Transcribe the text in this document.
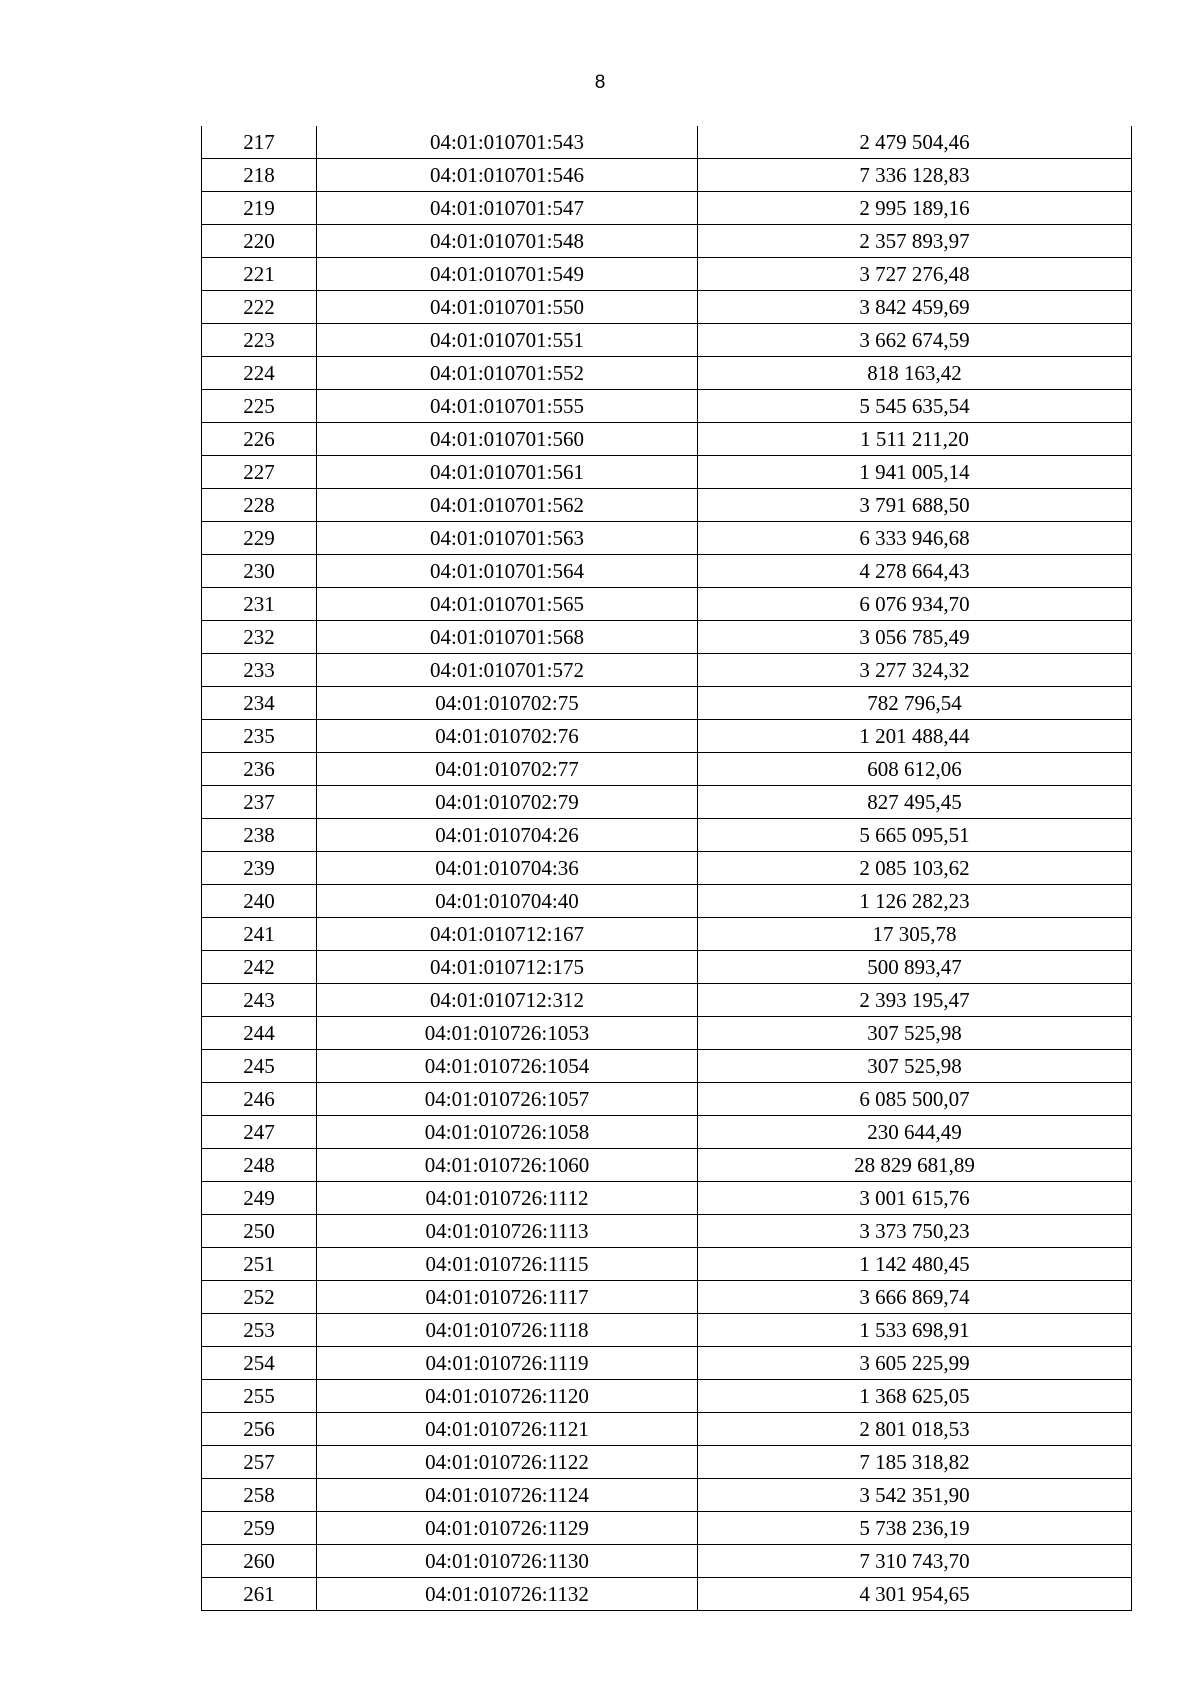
8
217	04:01:010701:543	2 479 504,46
218	04:01:010701:546	7 336 128,83
219	04:01:010701:547	2 995 189,16
220	04:01:010701:548	2 357 893,97
221	04:01:010701:549	3 727 276,48
222	04:01:010701:550	3 842 459,69
223	04:01:010701:551	3 662 674,59
224	04:01:010701:552	818 163,42
225	04:01:010701:555	5 545 635,54
226	04:01:010701:560	1 511 211,20
227	04:01:010701:561	1 941 005,14
228	04:01:010701:562	3 791 688,50
229	04:01:010701:563	6 333 946,68
230	04:01:010701:564	4 278 664,43
231	04:01:010701:565	6 076 934,70
232	04:01:010701:568	3 056 785,49
233	04:01:010701:572	3 277 324,32
234	04:01:010702:75	782 796,54
235	04:01:010702:76	1 201 488,44
236	04:01:010702:77	608 612,06
237	04:01:010702:79	827 495,45
238	04:01:010704:26	5 665 095,51
239	04:01:010704:36	2 085 103,62
240	04:01:010704:40	1 126 282,23
241	04:01:010712:167	17 305,78
242	04:01:010712:175	500 893,47
243	04:01:010712:312	2 393 195,47
244	04:01:010726:1053	307 525,98
245	04:01:010726:1054	307 525,98
246	04:01:010726:1057	6 085 500,07
247	04:01:010726:1058	230 644,49
248	04:01:010726:1060	28 829 681,89
249	04:01:010726:1112	3 001 615,76
250	04:01:010726:1113	3 373 750,23
251	04:01:010726:1115	1 142 480,45
252	04:01:010726:1117	3 666 869,74
253	04:01:010726:1118	1 533 698,91
254	04:01:010726:1119	3 605 225,99
255	04:01:010726:1120	1 368 625,05
256	04:01:010726:1121	2 801 018,53
257	04:01:010726:1122	7 185 318,82
258	04:01:010726:1124	3 542 351,90
259	04:01:010726:1129	5 738 236,19
260	04:01:010726:1130	7 310 743,70
261	04:01:010726:1132	4 301 954,65
